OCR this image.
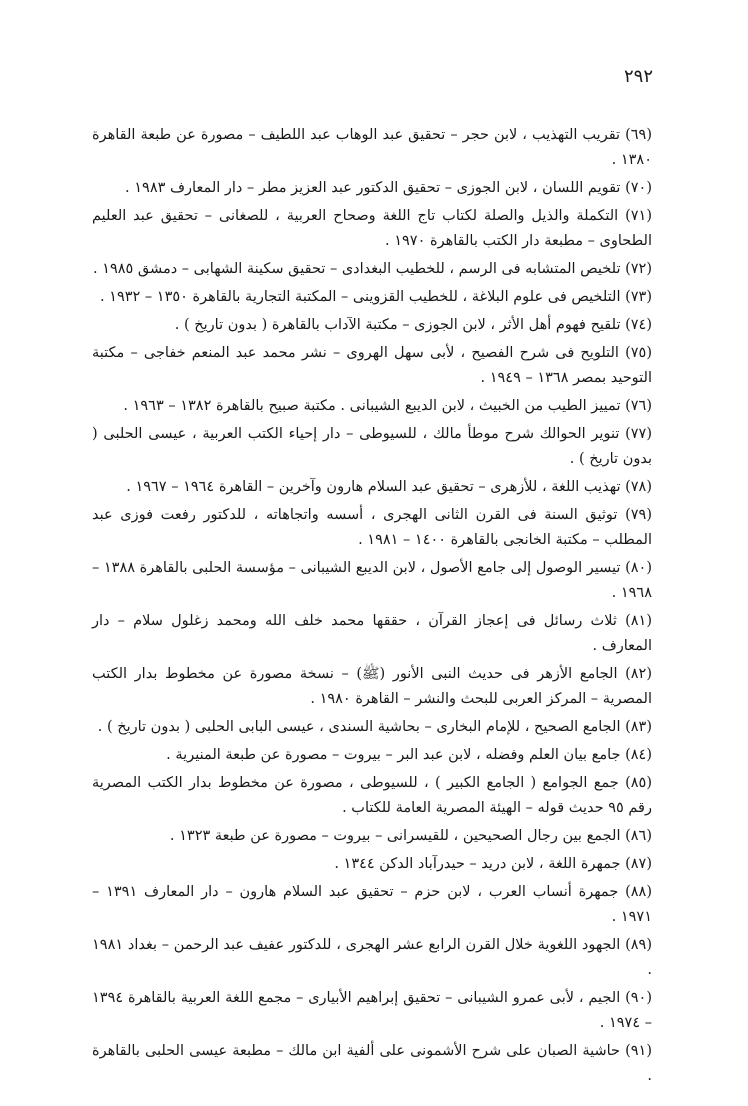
٢٩٢
(٦٩) تقريب التهذيب ، لابن حجر – تحقيق عبد الوهاب عبد اللطيف – مصورة عن طبعة القاهرة ١٣٨٠ .
(٧٠) تقويم اللسان ، لابن الجوزى – تحقيق الدكتور عبد العزيز مطر – دار المعارف ١٩٨٣ .
(٧١) التكملة والذيل والصلة لكتاب تاج اللغة وصحاح العربية ، للصغانى – تحقيق عبد العليم الطحاوى – مطبعة دار الكتب بالقاهرة ١٩٧٠ .
(٧٢) تلخيص المتشابه فى الرسم ، للخطيب البغدادى – تحقيق سكينة الشهابى – دمشق ١٩٨٥ .
(٧٣) التلخيص فى علوم البلاغة ، للخطيب القزوينى – المكتبة التجارية بالقاهرة ١٣٥٠ – ١٩٣٢ .
(٧٤) تلقيح فهوم أهل الأثر ، لابن الجوزى – مكتبة الآداب بالقاهرة ( بدون تاريخ ) .
(٧٥) التلويح فى شرح الفصيح ، لأبى سهل الهروى – نشر محمد عبد المنعم خفاجى – مكتبة التوحيد بمصر ١٣٦٨ – ١٩٤٩ .
(٧٦) تمييز الطيب من الخبيث ، لابن الديبع الشيبانى . مكتبة صبيح بالقاهرة ١٣٨٢ – ١٩٦٣ .
(٧٧) تنوير الحوالك شرح موطأ مالك ، للسيوطى – دار إحياء الكتب العربية ، عيسى الحلبى ( بدون تاريخ ) .
(٧٨) تهذيب اللغة ، للأزهرى – تحقيق عبد السلام هارون وآخرين – القاهرة ١٩٦٤ – ١٩٦٧ .
(٧٩) توثيق السنة فى القرن الثانى الهجرى ، أسسه واتجاهاته ، للدكتور رفعت فوزى عبد المطلب – مكتبة الخانجى بالقاهرة ١٤٠٠ – ١٩٨١ .
(٨٠) تيسير الوصول إلى جامع الأصول ، لابن الديبع الشيبانى – مؤسسة الحلبى بالقاهرة ١٣٨٨ – ١٩٦٨ .
(٨١) ثلاث رسائل فى إعجاز القرآن ، حققها محمد خلف الله ومحمد زغلول سلام – دار المعارف .
(٨٢) الجامع الأزهر فى حديث النبى الأنور (ﷺ) – نسخة مصورة عن مخطوط بدار الكتب المصرية – المركز العربى للبحث والنشر – القاهرة ١٩٨٠ .
(٨٣) الجامع الصحيح ، للإمام البخارى – بحاشية السندى ، عيسى البابى الحلبى ( بدون تاريخ ) .
(٨٤) جامع بيان العلم وفضله ، لابن عبد البر – بيروت – مصورة عن طبعة المنيرية .
(٨٥) جمع الجوامع ( الجامع الكبير ) ، للسيوطى ، مصورة عن مخطوط بدار الكتب المصرية رقم ٩٥ حديث قوله – الهيئة المصرية العامة للكتاب .
(٨٦) الجمع بين رجال الصحيحين ، للقيسرانى – بيروت – مصورة عن طبعة ١٣٢٣ .
(٨٧) جمهرة اللغة ، لابن دريد – حيدرآباد الدكن ١٣٤٤ .
(٨٨) جمهرة أنساب العرب ، لابن حزم – تحقيق عبد السلام هارون – دار المعارف ١٣٩١ – ١٩٧١ .
(٨٩) الجهود اللغوية خلال القرن الرابع عشر الهجرى ، للدكتور عفيف عبد الرحمن – بغداد ١٩٨١ .
(٩٠) الجيم ، لأبى عمرو الشيبانى – تحقيق إبراهيم الأبيارى – مجمع اللغة العربية بالقاهرة ١٣٩٤ – ١٩٧٤ .
(٩١) حاشية الصبان على شرح الأشمونى على ألفية ابن مالك – مطبعة عيسى الحلبى بالقاهرة .
